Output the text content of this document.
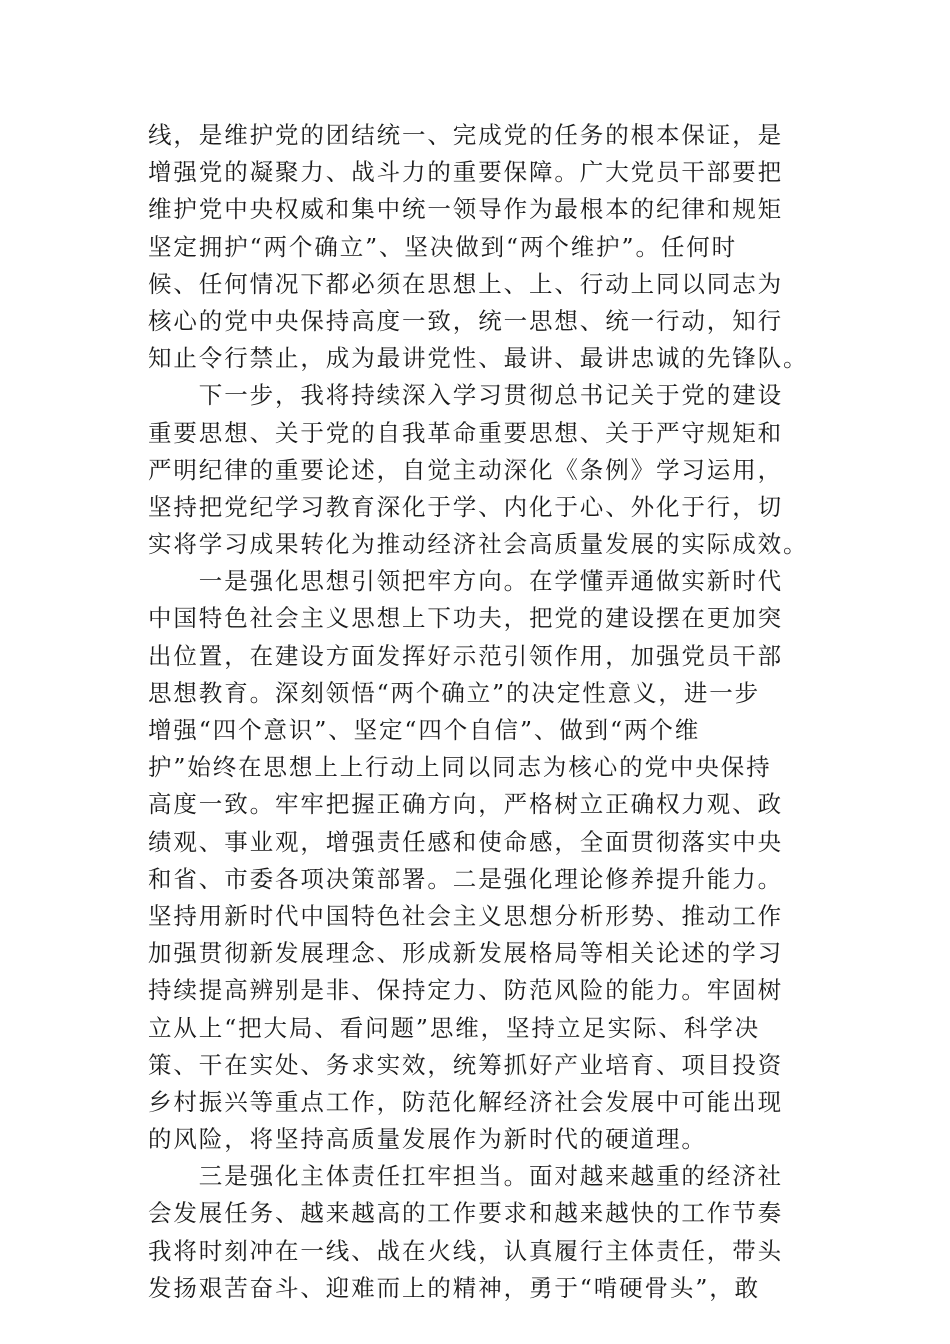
线，是维护党的团结统一、完成党的任务的根本保证，是
增强党的凝聚力、战斗力的重要保障。广大党员干部要把
维护党中央权威和集中统一领导作为最根本的纪律和规矩
坚定拥护“两个确立”、坚决做到“两个维护”。任何时
候、任何情况下都必须在思想上、上、行动上同以同志为
核心的党中央保持高度一致，统一思想、统一行动，知行
知止令行禁止，成为最讲党性、最讲、最讲忠诚的先锋队。
　　下一步，我将持续深入学习贯彻总书记关于党的建设
重要思想、关于党的自我革命重要思想、关于严守规矩和
严明纪律的重要论述，自觉主动深化《条例》学习运用，
坚持把党纪学习教育深化于学、内化于心、外化于行，切
实将学习成果转化为推动经济社会高质量发展的实际成效。
　　一是强化思想引领把牢方向。在学懂弄通做实新时代
中国特色社会主义思想上下功夫，把党的建设摆在更加突
出位置，在建设方面发挥好示范引领作用，加强党员干部
思想教育。深刻领悟“两个确立”的决定性意义，进一步
增强“四个意识”、坚定“四个自信”、做到“两个维
护”始终在思想上上行动上同以同志为核心的党中央保持
高度一致。牢牢把握正确方向，严格树立正确权力观、政
绩观、事业观，增强责任感和使命感，全面贯彻落实中央
和省、市委各项决策部署。二是强化理论修养提升能力。
坚持用新时代中国特色社会主义思想分析形势、推动工作
加强贯彻新发展理念、形成新发展格局等相关论述的学习
持续提高辨别是非、保持定力、防范风险的能力。牢固树
立从上“把大局、看问题”思维，坚持立足实际、科学决
策、干在实处、务求实效，统筹抓好产业培育、项目投资
乡村振兴等重点工作，防范化解经济社会发展中可能出现
的风险，将坚持高质量发展作为新时代的硬道理。
　　三是强化主体责任扛牢担当。面对越来越重的经济社
会发展任务、越来越高的工作要求和越来越快的工作节奏
我将时刻冲在一线、战在火线，认真履行主体责任，带头
发扬艰苦奋斗、迎难而上的精神，勇于“啃硬骨头”，敢
